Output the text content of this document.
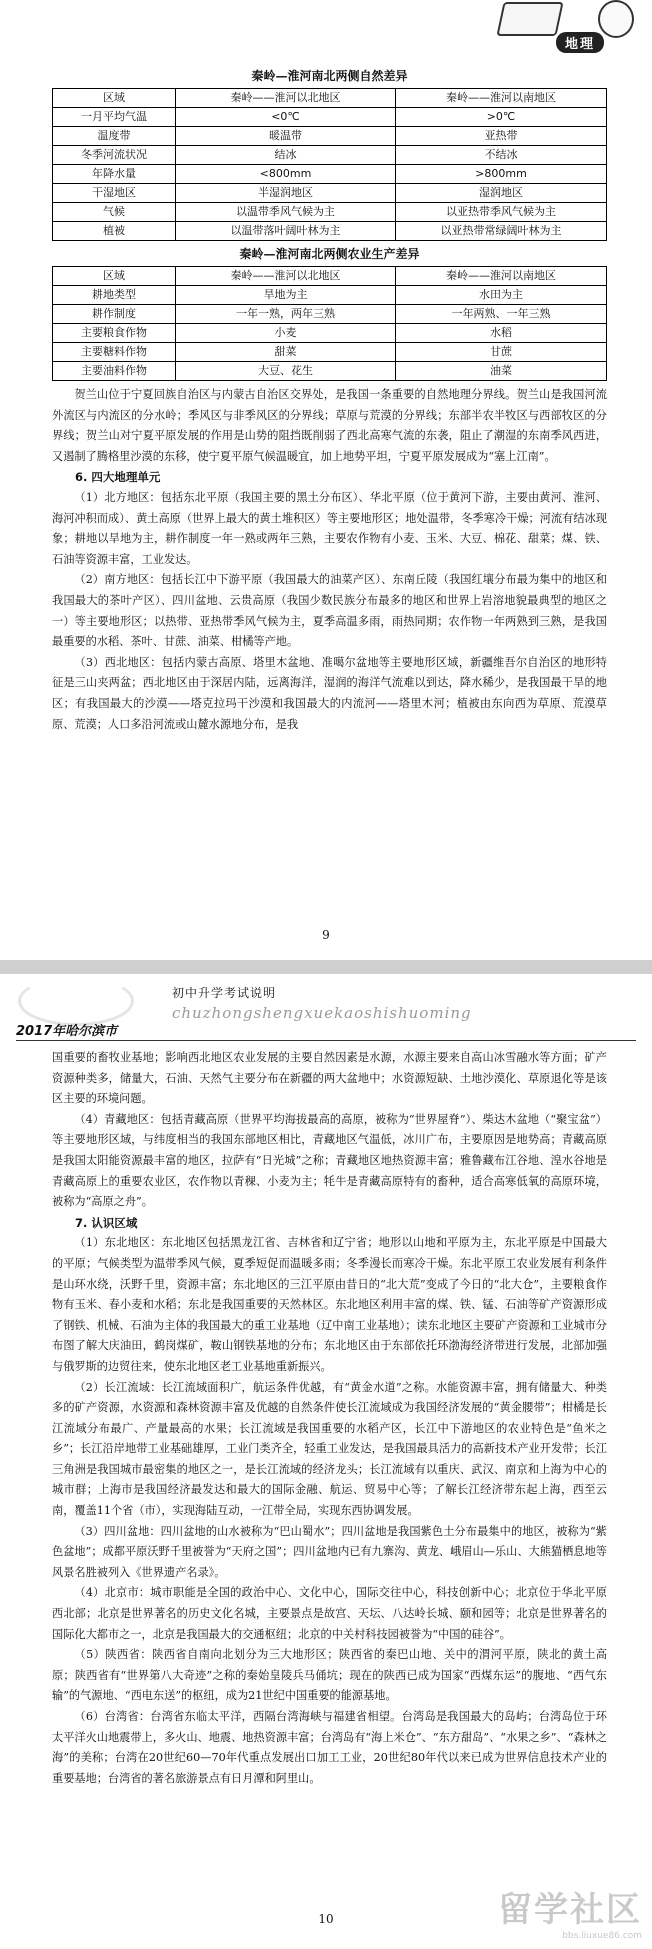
地理
秦岭—淮河南北两侧自然差异
区域	秦岭——淮河以北地区	秦岭——淮河以南地区
一月平均气温	<0℃	>0℃
温度带	暖温带	亚热带
冬季河流状况	结冰	不结冰
年降水量	<800mm	>800mm
干湿地区	半湿润地区	湿润地区
气候	以温带季风气候为主	以亚热带季风气候为主
植被	以温带落叶阔叶林为主	以亚热带常绿阔叶林为主
秦岭—淮河南北两侧农业生产差异
区域	秦岭——淮河以北地区	秦岭——淮河以南地区
耕地类型	旱地为主	水田为主
耕作制度	一年一熟，两年三熟	一年两熟、一年三熟
主要粮食作物	小麦	水稻
主要糖料作物	甜菜	甘蔗
主要油料作物	大豆、花生	油菜

贺兰山位于宁夏回族自治区与内蒙古自治区交界处，是我国一条重要的自然地理分界线。贺兰山是我国河流外流区与内流区的分水岭；季风区与非季风区的分界线；草原与荒漠的分界线；东部半农半牧区与西部牧区的分界线；贺兰山对宁夏平原发展的作用是山势的阻挡既削弱了西北高寒气流的东袭，阻止了潮湿的东南季风西进，又遏制了腾格里沙漠的东移，使宁夏平原气候温暖宜，加上地势平坦，宁夏平原发展成为“塞上江南”。

6. 四大地理单元

（1）北方地区：包括东北平原（我国主要的黑土分布区）、华北平原（位于黄河下游，主要由黄河、淮河、海河冲积而成）、黄土高原（世界上最大的黄土堆积区）等主要地形区；地处温带，冬季寒冷干燥；河流有结冰现象；耕地以旱地为主，耕作制度一年一熟或两年三熟，主要农作物有小麦、玉米、大豆、棉花、甜菜；煤、铁、石油等资源丰富，工业发达。

（2）南方地区：包括长江中下游平原（我国最大的油菜产区）、东南丘陵（我国红壤分布最为集中的地区和我国最大的茶叶产区）、四川盆地、云贵高原（我国少数民族分布最多的地区和世界上岩溶地貌最典型的地区之一）等主要地形区；以热带、亚热带季风气候为主，夏季高温多雨，雨热同期；农作物一年两熟到三熟，是我国最重要的水稻、茶叶、甘蔗、油菜、柑橘等产地。

（3）西北地区：包括内蒙古高原、塔里木盆地、准噶尔盆地等主要地形区域，新疆维吾尔自治区的地形特征是三山夹两盆；西北地区由于深居内陆，远离海洋，湿润的海洋气流难以到达，降水稀少，是我国最干旱的地区；有我国最大的沙漠——塔克拉玛干沙漠和我国最大的内流河——塔里木河；植被由东向西为草原、荒漠草原、荒漠；人口多沿河流或山麓水源地分布，是我

9
2017年哈尔滨市
初中升学考试说明
chuzhongshengxuekaoshishuoming

国重要的畜牧业基地；影响西北地区农业发展的主要自然因素是水源，水源主要来自高山冰雪融水等方面；矿产资源种类多，储量大，石油、天然气主要分布在新疆的两大盆地中；水资源短缺、土地沙漠化、草原退化等是该区主要的环境问题。

（4）青藏地区：包括青藏高原（世界平均海拔最高的高原，被称为“世界屋脊”）、柴达木盆地（“聚宝盆”）等主要地形区域，与纬度相当的我国东部地区相比，青藏地区气温低，冰川广布，主要原因是地势高；青藏高原是我国太阳能资源最丰富的地区，拉萨有“日光城”之称；青藏地区地热资源丰富；雅鲁藏布江谷地、湟水谷地是青藏高原上的重要农业区，农作物以青稞、小麦为主；牦牛是青藏高原特有的畜种，适合高寒低氧的高原环境，被称为“高原之舟”。

7. 认识区域

（1）东北地区：东北地区包括黑龙江省、吉林省和辽宁省；地形以山地和平原为主，东北平原是中国最大的平原；气候类型为温带季风气候，夏季短促而温暖多雨；冬季漫长而寒冷干燥。东北平原工农业发展有利条件是山环水绕，沃野千里，资源丰富；东北地区的三江平原由昔日的“北大荒”变成了今日的“北大仓”，主要粮食作物有玉米、春小麦和水稻；东北是我国重要的天然林区。东北地区利用丰富的煤、铁、锰、石油等矿产资源形成了钢铁、机械、石油为主体的我国最大的重工业基地（辽中南工业基地）；读东北地区主要矿产资源和工业城市分布图了解大庆油田，鹤岗煤矿，鞍山钢铁基地的分布；东北地区由于东部依托环渤海经济带进行发展，北部加强与俄罗斯的边贸往来，使东北地区老工业基地重新振兴。

（2）长江流域：长江流域面积广，航运条件优越，有“黄金水道”之称。水能资源丰富，拥有储量大、种类多的矿产资源，水资源和森林资源丰富及优越的自然条件使长江流域成为我国经济发展的“黄金腰带”；柑橘是长江流域分布最广、产量最高的水果；长江流域是我国重要的水稻产区，长江中下游地区的农业特色是“鱼米之乡”；长江沿岸地带工业基础雄厚，工业门类齐全，轻重工业发达，是我国最具活力的高新技术产业开发带；长江三角洲是我国城市最密集的地区之一，是长江流域的经济龙头；长江流域有以重庆、武汉、南京和上海为中心的城市群；上海市是我国经济最发达和最大的国际金融、航运、贸易中心等；了解长江经济带东起上海，西至云南，覆盖11个省（市），实现海陆互动，一江带全局，实现东西协调发展。

（3）四川盆地：四川盆地的山水被称为“巴山蜀水”；四川盆地是我国紫色土分布最集中的地区，被称为“紫色盆地”；成都平原沃野千里被誉为“天府之国”；四川盆地内已有九寨沟、黄龙、峨眉山—乐山、大熊猫栖息地等风景名胜被列入《世界遗产名录》。

（4）北京市：城市职能是全国的政治中心、文化中心，国际交往中心，科技创新中心；北京位于华北平原西北部；北京是世界著名的历史文化名城，主要景点是故宫、天坛、八达岭长城、颐和园等；北京是世界著名的国际化大都市之一，北京是我国最大的交通枢纽；北京的中关村科技园被誉为“中国的硅谷”。

（5）陕西省：陕西省自南向北划分为三大地形区；陕西省的秦巴山地、关中的渭河平原，陕北的黄土高原；陕西省有“世界第八大奇迹”之称的秦始皇陵兵马俑坑；现在的陕西已成为国家“西煤东运”的腹地、“西气东输”的气源地、“西电东送”的枢纽，成为21世纪中国重要的能源基地。

（6）台湾省：台湾省东临太平洋，西隔台湾海峡与福建省相望。台湾岛是我国最大的岛屿；台湾岛位于环太平洋火山地震带上，多火山、地震、地热资源丰富；台湾岛有“海上米仓”、“东方甜岛”、“水果之乡”、“森林之海”的美称；台湾在20世纪60—70年代重点发展出口加工工业，20世纪80年代以来已成为世界信息技术产业的重要基地；台湾省的著名旅游景点有日月潭和阿里山。

10	留学社区
bbs.liuxue86.com
